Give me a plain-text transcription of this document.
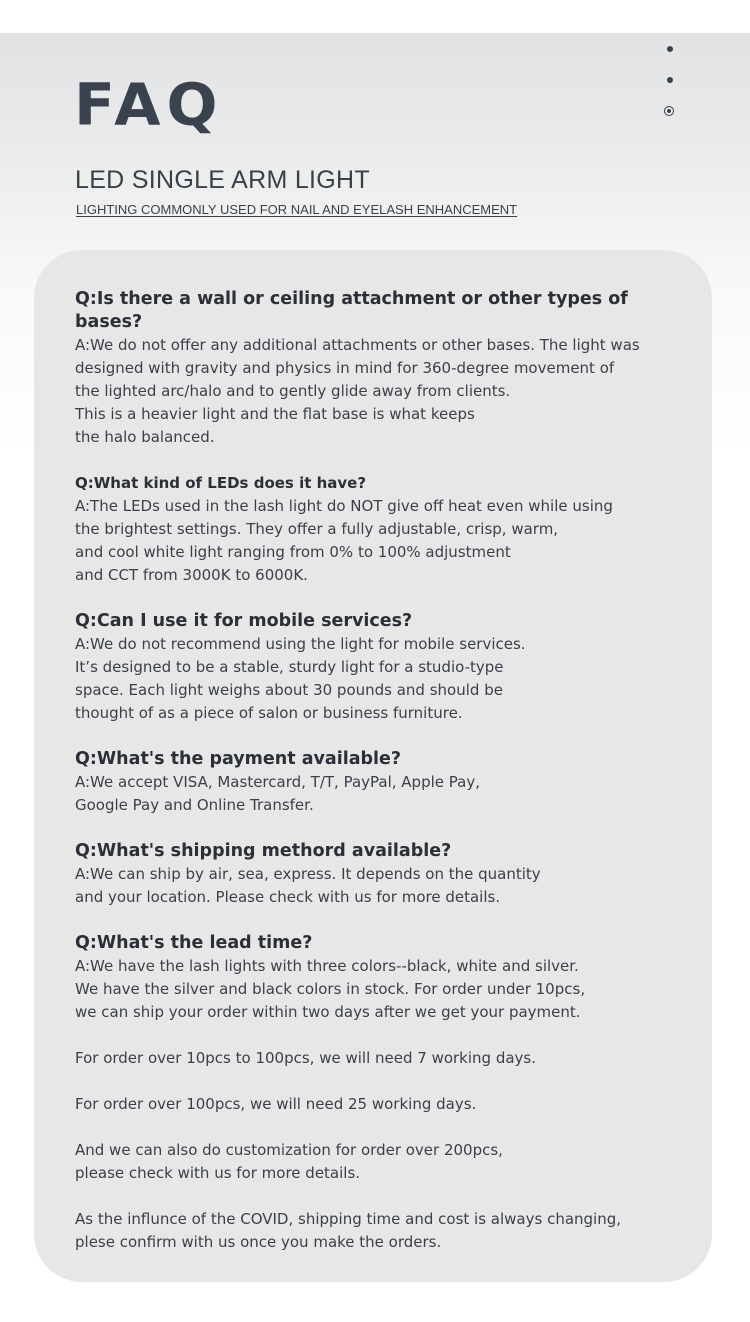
FAQ
LED SINGLE ARM LIGHT
LIGHTING COMMONLY USED FOR NAIL AND EYELASH ENHANCEMENT
Q:Is there a wall or ceiling attachment or other types of bases?

A:We do not offer any additional attachments or other bases. The light was

designed with gravity and physics in mind for 360-degree movement of

the lighted arc/halo and to gently glide away from clients.

This is a heavier light and the flat base is what keeps

the halo balanced.

Q:What kind of LEDs does it have?

A:The LEDs used in the lash light do NOT give off heat even while using

the brightest settings. They offer a fully adjustable, crisp, warm,

and cool white light ranging from 0% to 100% adjustment

and CCT from 3000K to 6000K.

Q:Can I use it for mobile services?

A:We do not recommend using the light for mobile services.

It’s designed to be a stable, sturdy light for a studio-type

space. Each light weighs about 30 pounds and should be

thought of as a piece of salon or business furniture.

Q:What's the payment available?

A:We accept VISA, Mastercard, T/T, PayPal, Apple Pay,

Google Pay and Online Transfer.

Q:What's shipping methord available?

A:We can ship by air, sea, express. It depends on the quantity

and your location. Please check with us for more details.

Q:What's the lead time?

A:We have the lash lights with three colors--black, white and silver.

We have the silver and black colors in stock. For order under 10pcs,

we can ship your order within two days after we get your payment.

For order over 10pcs to 100pcs, we will need 7 working days.

For order over 100pcs, we will need 25 working days.

And we can also do customization for order over 200pcs,

please check with us for more details.

As the influnce of the COVID, shipping time and cost is always changing,

plese confirm with us once you make the orders.
